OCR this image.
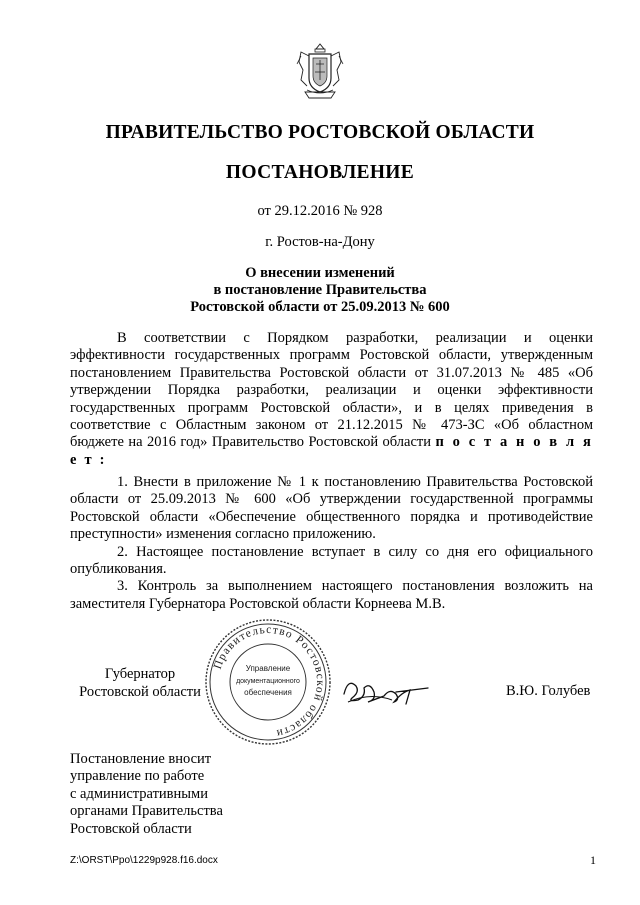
ПРАВИТЕЛЬСТВО РОСТОВСКОЙ ОБЛАСТИ
ПОСТАНОВЛЕНИЕ
от 29.12.2016 № 928
г. Ростов-на-Дону
О внесении изменений
в постановление Правительства
Ростовской области от 25.09.2013 № 600
В соответствии с Порядком разработки, реализации и оценки эффективности государственных программ Ростовской области, утвержденным постановлением Правительства Ростовской области от 31.07.2013 № 485 «Об утверждении Порядка разработки, реализации и оценки эффективности государственных программ Ростовской области», и в целях приведения в соответствие с Областным законом от 21.12.2015 № 473-ЗС «Об областном бюджете на 2016 год» Правительство Ростовской области п о с т а н о в л я е т :
1. Внести в приложение № 1 к постановлению Правительства Ростовской области от 25.09.2013 № 600 «Об утверждении государственной программы Ростовской области «Обеспечение общественного порядка и противодействие преступности» изменения согласно приложению.
2. Настоящее постановление вступает в силу со дня его официального опубликования.
3. Контроль за выполнением настоящего постановления возложить на заместителя Губернатора Ростовской области Корнеева М.В.
Губернатор
Ростовской области
Правительство Ростовской области
Управление
документационного
обеспечения	В.Ю. Голубев
Постановление вносит
управление по работе
с административными
органами Правительства
Ростовской области
Z:\ORST\Ppo\1229p928.f16.docx	1
